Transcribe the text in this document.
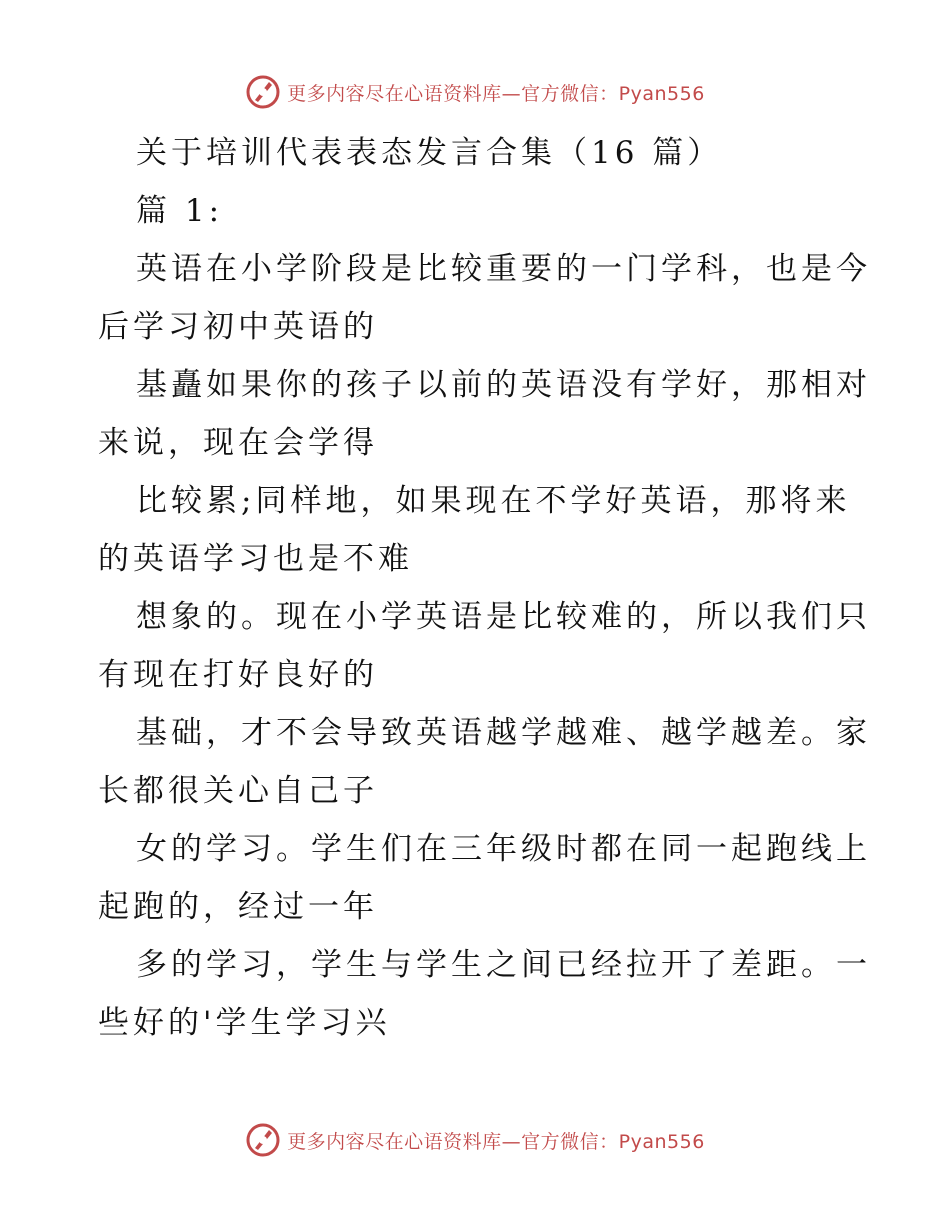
更多内容尽在心语资料库—官方微信：Pyan556
关于培训代表表态发言合集（16 篇）
篇 1:
英语在小学阶段是比较重要的一门学科，也是今
后学习初中英语的
基矗如果你的孩子以前的英语没有学好，那相对
来说，现在会学得
比较累;同样地，如果现在不学好英语，那将来
的英语学习也是不难
想象的。现在小学英语是比较难的，所以我们只
有现在打好良好的
基础，才不会导致英语越学越难、越学越差。家
长都很关心自己子
女的学习。学生们在三年级时都在同一起跑线上
起跑的，经过一年
多的学习，学生与学生之间已经拉开了差距。一
些好的'学生学习兴
更多内容尽在心语资料库—官方微信：Pyan556
